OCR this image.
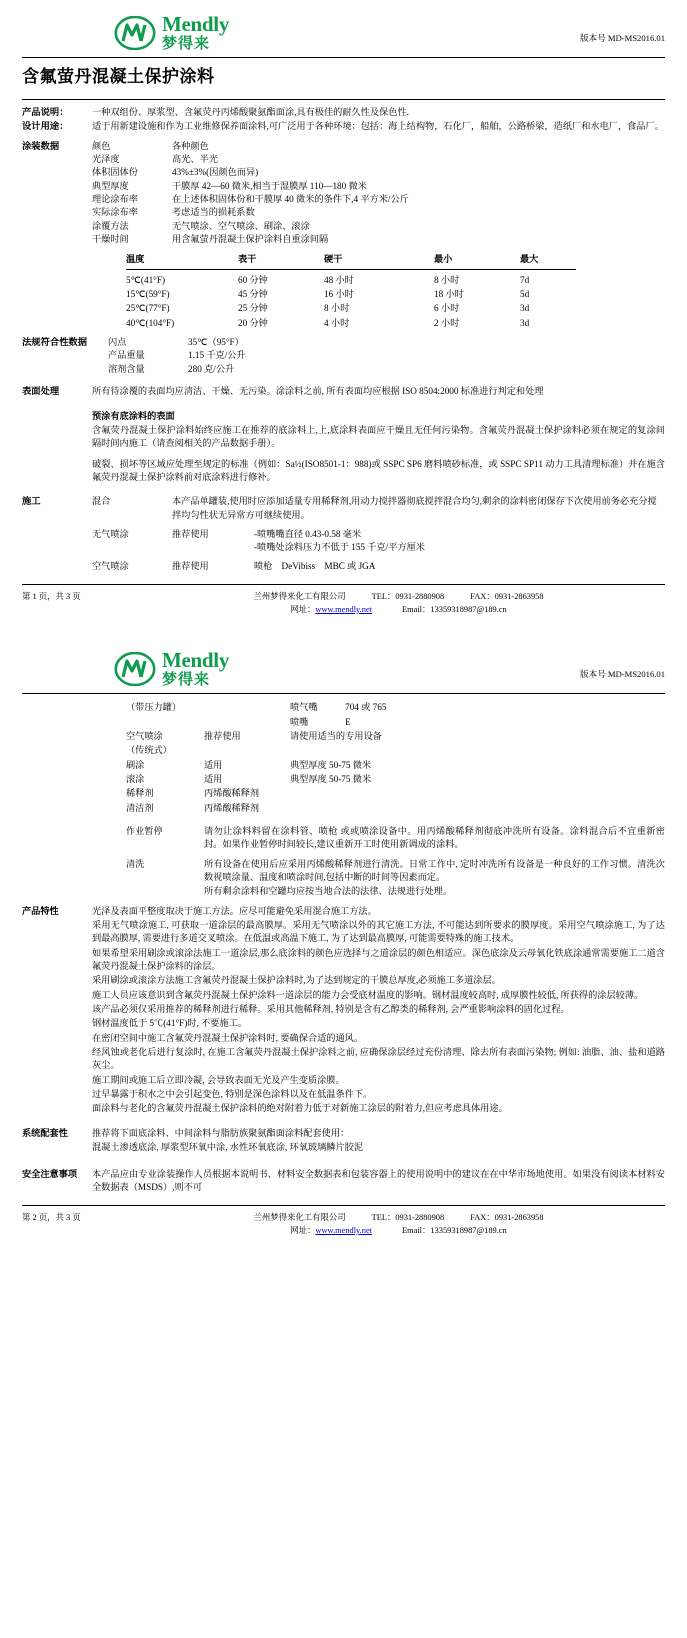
Mendly
梦得来	版本号 MD-MS2016.01
含氟萤丹混凝土保护涂料
产品说明：	一种双组份、厚浆型、含氟荧丹丙烯酸聚氨酯面涂,具有极佳的耐久性及保色性.
设计用途：	适于用新建设施和作为工业维修保养面涂料,可广泛用于各种环境：包括：海上结构物，石化厂，船舶，公路桥梁，造纸厂和水电厂，食品厂。
涂装数据	颜色	各种颜色
光泽度	高光、半光
体积固体份	43%±3%(因颜色而异)
典型厚度	干膜厚 42—60 微米,相当于湿膜厚 110—180 微米
理论涂布率	在上述体积固体份和干膜厚 40 微米的条件下,4 平方米/公斤
实际涂布率	考虑适当的损耗系数
涂覆方法	无气喷涂、空气喷涂、刷涂、滚涂
干燥时间	用含氟萤丹混凝土保护涂料自重涂间隔
温度	表干	硬干	最小	最大
5℃(41°F)	60 分钟	48 小时	8 小时	7d
15℃(59°F)	45 分钟	16 小时	18 小时	5d
25℃(77°F)	25 分钟	8 小时	6 小时	3d
40℃(104°F)	20 分钟	4 小时	2 小时	3d
法规符合性数据	闪点	35℃（95°F）
产品重量	1.15 千克/公升
溶剂含量	280 克/公升
表面处理	所有待涂覆的表面均应清洁、干燥、无污染。涂涂料之前, 所有表面均应根据 ISO 8504:2000 标准进行判定和处理

预涂有底涂料的表面

含氟荧丹混凝土保护涂料始终应施工在推荐的底涂料上,上,底涂料表面应干燥且无任何污染物。含氟荧丹混凝土保护涂料必须在规定的复涂间隔时间内施工（请查阅相关的产品数据手册）。

破裂、损坏等区域应处理至规定的标准（例如：Sa½(ISO8501-1：988)或 SSPC SP6 磨料喷砂标准，或 SSPC SP11 动力工具清理标准）并在施含氟荧丹混凝土保护涂料前对底涂料进行修补。

施工	混合	本产品单罐装,使用时应添加适量专用稀释剂,用动力搅拌器彻底搅拌混合均匀,剩余的涂料密闭保存下次使用前务必充分搅拌均匀性状无异常方可继续使用。
无气喷涂	推荐使用	-喷嘴嘴直径 0.43-0.58 毫米
-喷嘴处涂料压力不低于 155 千克/平方厘米
空气喷涂	推荐使用	喷枪　DeVibiss　MBC 或 JGA
第 1 页，共 3 页	兰州梦得来化工有限公司	TEL：0931-2880908	FAX：0931-2863958
网址：www.mendly.net	Email：13359318987@189.cn
Mendly
梦得来	版本号 MD-MS2016.01
（带压力罐）	喷气嘴　　　704 或 765
喷嘴　　　　E
空气喷涂	推荐使用	请使用适当的专用设备
（传统式）
刷涂	适用	典型厚度 50-75 微米
滚涂	适用	典型厚度 50-75 微米
稀释剂	丙烯酸稀释剂
清洁剂	丙烯酸稀释剂
作业暂停	请勿让涂料料留在涂料管、喷枪 或或喷涂设备中。用丙烯酸稀释剂彻底冲洗所有设备。涂料混合后不宜重新密封。如果作业暂停时间较长,建议重新开工时使用新调成的涂料。
清洗	所有设备在使用后应采用丙烯酸稀释剂进行清洗。日常工作中, 定时冲洗所有设备是一种良好的工作习惯。清洗次数视喷涂量、温度和喷涂时间,包括中断的时间等因素而定。
所有剩余涂料和空罐均应按当地合法的法律、法规进行处理。
产品特性	光泽及表面平整度取决于施工方法。应尽可能避免采用混合施工方法。

采用无气喷涂施工, 可获取一道涂层的最高膜厚。采用无气喷涂以外的其它施工方法, 不可能达到所要求的膜厚度。采用空气喷涂施工, 为了达到最高膜厚, 需要进行多道交叉喷涂。在低温或高温下施工, 为了达到最高膜厚, 可能需要特殊的施工技术。

如果希望采用刷涂或滚涂法施工一道涂层,那么底涂料的颜色应选择与之道涂层的颜色相适应。深色底涂及云母氧化铁底涂通常需要施工二道含氟荧丹混凝土保护涂料的涂层。

采用刷涂或滚涂方法施工含氟荧丹混凝土保护涂料时,为了达到规定的干膜总厚度,必须施工多道涂层。

施工人员应该意识到含氟荧丹混凝土保护涂料一道涂层的能力会受底材温度的影响。钢材温度较高时, 成厚膜性较低, 所获得的涂层较薄。

该产品必须仅采用推荐的稀释剂进行稀释。采用其他稀释剂, 特别是含有乙醇类的稀释剂, 会严重影响涂料的固化过程。

钢材温度低于 5℃(41°F)时, 不要施工。

在密闭空间中施工含氟荧丹混凝土保护涂料时, 要确保合适的通风。

经风蚀或老化后进行复涂时, 在施工含氟荧丹混凝土保护涂料之前, 应确保涂层经过充份清理、除去所有表面污染物; 例如: 油脂、油、盐和道路灰尘。

施工期间或施工后立即冷凝, 会导致表面无光及产生变质涂膜。

过早暴露于积水之中会引起变色, 特别是深色涂料以及在低温条件下。

面涂料与老化的含氟荧丹混凝土保护涂料的绝对附着力低于对新施工涂层的附着力,但应考虑具体用途。

系统配套性	推荐将下面底涂料、中间涂料与脂肪族聚氨酯面涂料配套使用：

混凝土渗透底涂, 厚浆型环氧中涂, 水性环氧底涂, 环氧玻璃鳞片胶泥

安全注意事项	本产品应由专业涂装操作人员根据本说明书、材料安全数据表和包装容器上的使用说明中的建议在在中华市场地使用。如果没有阅读本材料安全数据表（MSDS）,则不可

第 2 页，共 3 页	兰州梦得来化工有限公司	TEL：0931-2880908	FAX：0931-2863958
网址：www.mendly.net	Email：13359318987@189.cn
